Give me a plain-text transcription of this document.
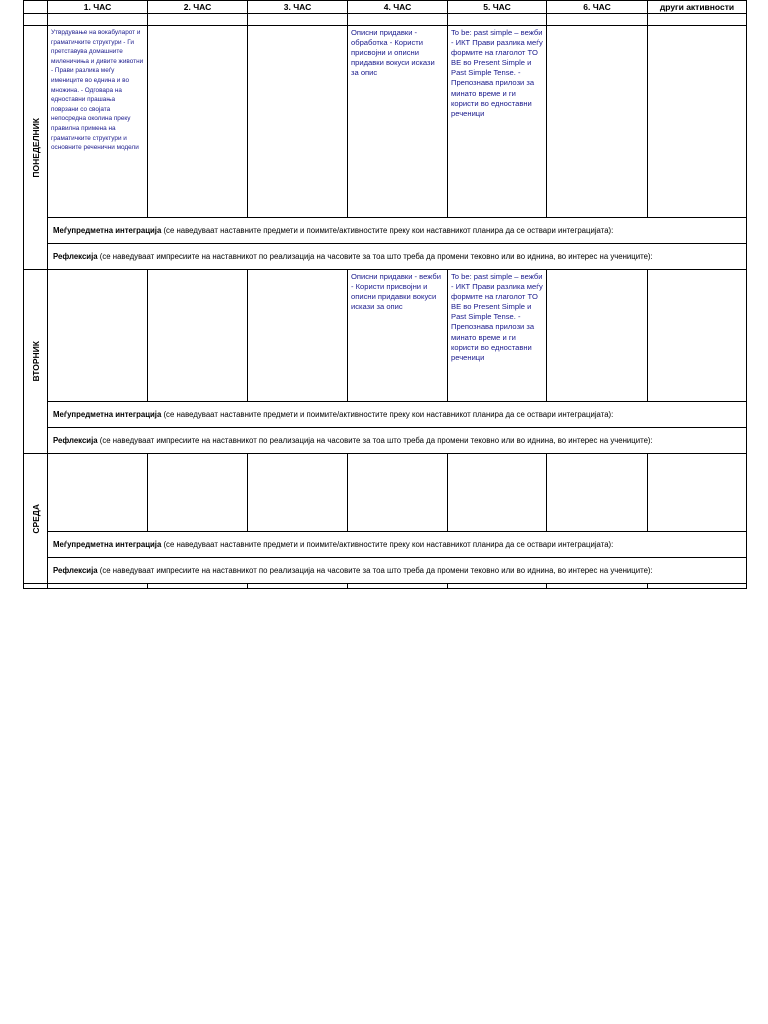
	1. ЧАС	2. ЧАС	3. ЧАС	4. ЧАС	5. ЧАС	6. ЧАС	други активности

ПОНЕДЕЛНИК	Утврдување на вокабуларот и граматичките структури - Ги претставува домашните миленичиња и дивите животни - Прави разлика меѓу имениците во еднина и во множина. - Одговара на едноставни прашања поврзани со својата непосредна околина преку правилна примена на граматичките структури и основните реченични модели			Описни придавки - обработка - Користи присвојни и описни придавки вокуси искази за опис	To be: past simple – вежби - ИКТ Прави разлика меѓу формите на глаголот TO BE во Present Simple и Past Simple Tense. - Препознава прилози за минато време и ги користи во едноставни реченици		
	Меѓупредметна интеграција (се наведуваат наставните предмети и поимите/активностите преку кои наставникот планира да се оствари интеграцијата):						
	Рефлексија (се наведуваат импресиите на наставникот по реализација на часовите за тоа што треба да промени тековно или во иднина, во интерес на учениците):						

ВТОРНИК				Описни придавки - вежби - Користи присвојни и описни придавки вокуси искази за опис	To be: past simple – вежби - ИКТ Прави разлика меѓу формите на глаголот TO BE во Present Simple и Past Simple Tense. - Препознава прилози за минато време и ги користи во едноставни реченици		
	Меѓупредметна интеграција (се наведуваат наставните предмети и поимите/активностите преку кои наставникот планира да се оствари интеграцијата):						
	Рефлексија (се наведуваат импресиите на наставникот по реализација на часовите за тоа што треба да промени тековно или во иднина, во интерес на учениците):						

СРЕДА							

	Меѓупредметна интеграција (се наведуваат наставните предмети и поимите/активностите преку кои наставникот планира да се оствари интеграцијата):						
	Рефлексија (се наведуваат импресиите на наставникот по реализација на часовите за тоа што треба да промени тековно или во иднина, во интерес на учениците):						
